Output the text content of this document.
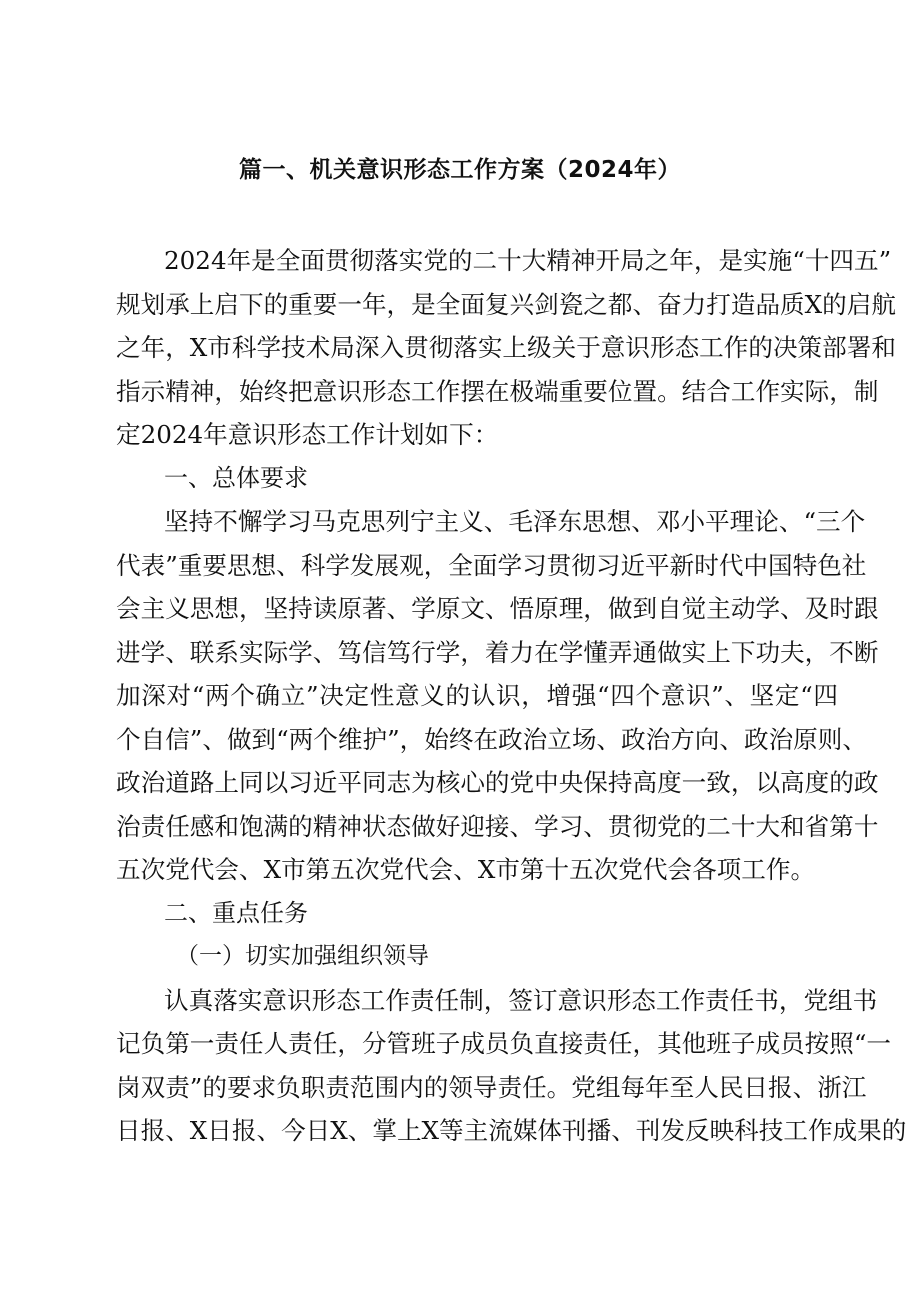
篇一、机关意识形态工作方案（2024年）
2024年是全面贯彻落实党的二十大精神开局之年，是实施“十四五”
规划承上启下的重要一年，是全面复兴剑瓷之都、奋力打造品质X的启航
之年，X市科学技术局深入贯彻落实上级关于意识形态工作的决策部署和
指示精神，始终把意识形态工作摆在极端重要位置。结合工作实际，制
定2024年意识形态工作计划如下：
一、总体要求
坚持不懈学习马克思列宁主义、毛泽东思想、邓小平理论、“三个
代表”重要思想、科学发展观，全面学习贯彻习近平新时代中国特色社
会主义思想，坚持读原著、学原文、悟原理，做到自觉主动学、及时跟
进学、联系实际学、笃信笃行学，着力在学懂弄通做实上下功夫，不断
加深对“两个确立”决定性意义的认识，增强“四个意识”、坚定“四
个自信”、做到“两个维护”，始终在政治立场、政治方向、政治原则、
政治道路上同以习近平同志为核心的党中央保持高度一致，以高度的政
治责任感和饱满的精神状态做好迎接、学习、贯彻党的二十大和省第十
五次党代会、X市第五次党代会、X市第十五次党代会各项工作。
二、重点任务
（一）切实加强组织领导
认真落实意识形态工作责任制，签订意识形态工作责任书，党组书
记负第一责任人责任，分管班子成员负直接责任，其他班子成员按照“一
岗双责”的要求负职责范围内的领导责任。党组每年至人民日报、浙江
日报、X日报、今日X、掌上X等主流媒体刊播、刊发反映科技工作成果的
